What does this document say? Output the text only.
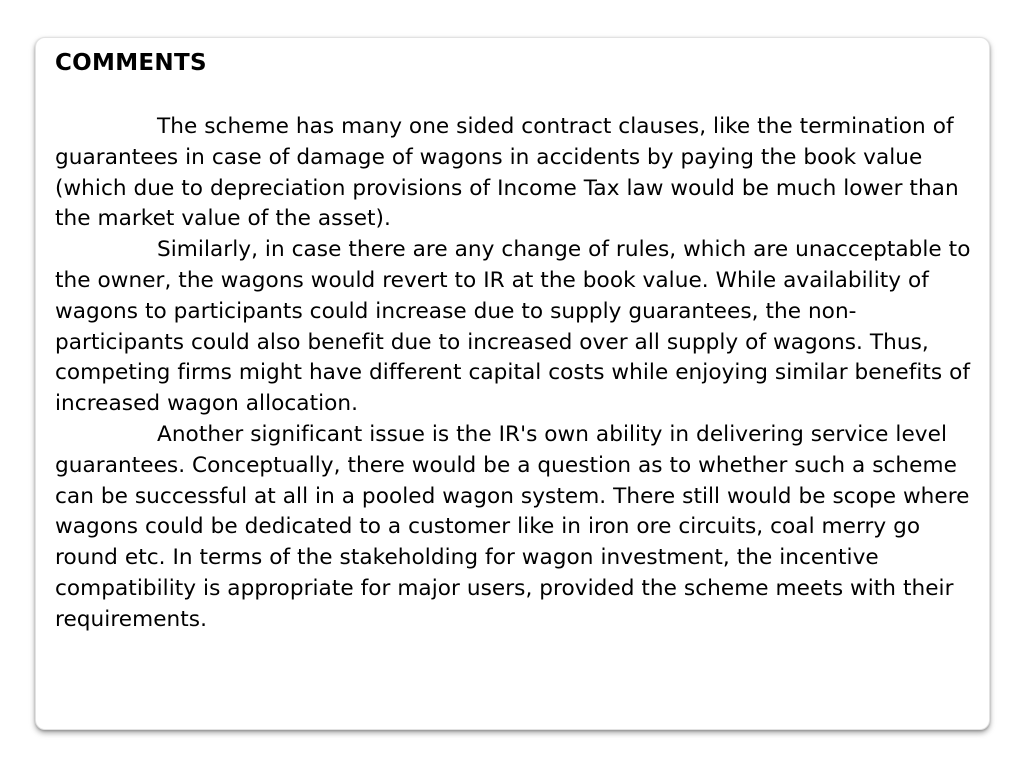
COMMENTS

The scheme has many one sided contract clauses, like the termination of guarantees in case of damage of wagons in accidents by paying the book value (which due to depreciation provisions of Income Tax law would be much lower than the market value of the asset).

Similarly, in case there are any change of rules, which are unacceptable to the owner, the wagons would revert to IR at the book value. While availability of wagons to participants could increase due to supply guarantees, the non-participants could also benefit due to increased over all supply of wagons. Thus, competing firms might have different capital costs while enjoying similar benefits of increased wagon allocation.

Another significant issue is the IR's own ability in delivering service level guarantees. Conceptually, there would be a question as to whether such a scheme can be successful at all in a pooled wagon system. There still would be scope where wagons could be dedicated to a customer like in iron ore circuits, coal merry go round etc. In terms of the stakeholding for wagon investment, the incentive compatibility is appropriate for major users, provided the scheme meets with their requirements.
